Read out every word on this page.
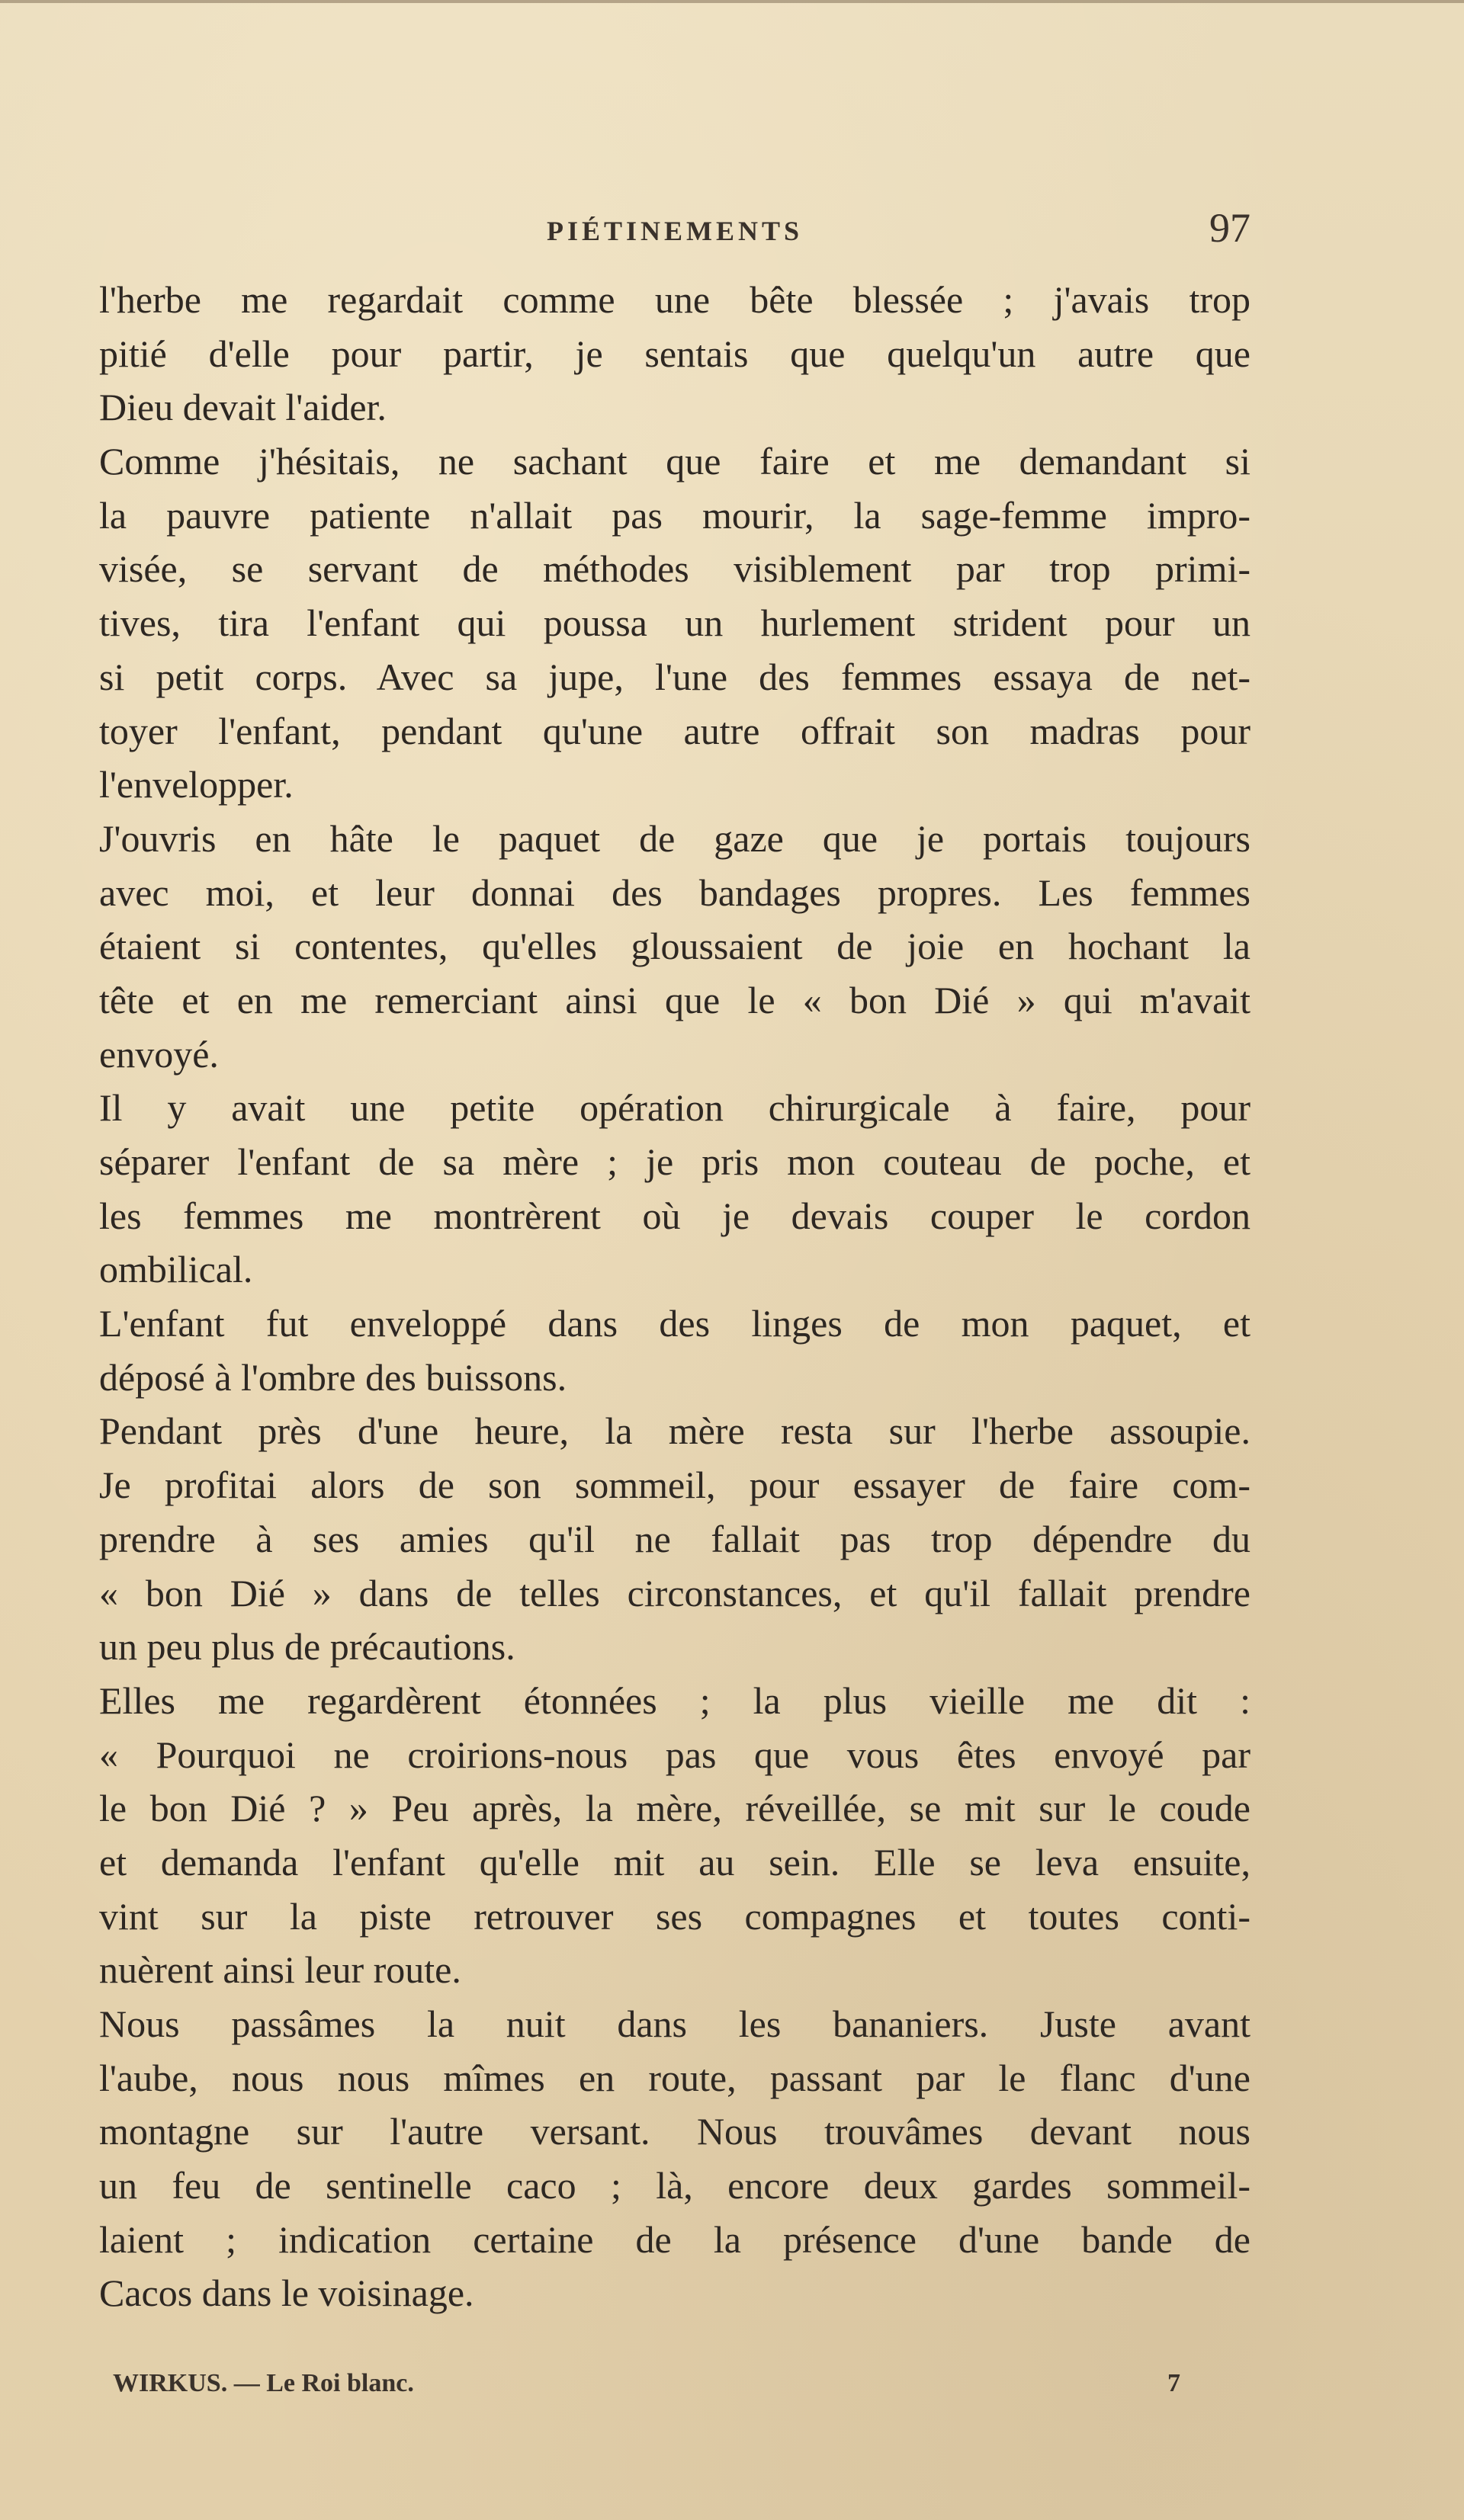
PIÉTINEMENTS	97
l'herbe me regardait comme une bête blessée ; j'avais trop
pitié d'elle pour partir, je sentais que quelqu'un autre que
Dieu devait l'aider.
Comme j'hésitais, ne sachant que faire et me demandant si
la pauvre patiente n'allait pas mourir, la sage-femme impro-
visée, se servant de méthodes visiblement par trop primi-
tives, tira l'enfant qui poussa un hurlement strident pour un
si petit corps. Avec sa jupe, l'une des femmes essaya de net-
toyer l'enfant, pendant qu'une autre offrait son madras pour
l'envelopper.
J'ouvris en hâte le paquet de gaze que je portais toujours
avec moi, et leur donnai des bandages propres. Les femmes
étaient si contentes, qu'elles gloussaient de joie en hochant la
tête et en me remerciant ainsi que le « bon Dié » qui m'avait
envoyé.
Il y avait une petite opération chirurgicale à faire, pour
séparer l'enfant de sa mère ; je pris mon couteau de poche, et
les femmes me montrèrent où je devais couper le cordon
ombilical.
L'enfant fut enveloppé dans des linges de mon paquet, et
déposé à l'ombre des buissons.
Pendant près d'une heure, la mère resta sur l'herbe assoupie.
Je profitai alors de son sommeil, pour essayer de faire com-
prendre à ses amies qu'il ne fallait pas trop dépendre du
« bon Dié » dans de telles circonstances, et qu'il fallait prendre
un peu plus de précautions.
Elles me regardèrent étonnées ; la plus vieille me dit :
« Pourquoi ne croirions-nous pas que vous êtes envoyé par
le bon Dié ? » Peu après, la mère, réveillée, se mit sur le coude
et demanda l'enfant qu'elle mit au sein. Elle se leva ensuite,
vint sur la piste retrouver ses compagnes et toutes conti-
nuèrent ainsi leur route.
Nous passâmes la nuit dans les bananiers. Juste avant
l'aube, nous nous mîmes en route, passant par le flanc d'une
montagne sur l'autre versant. Nous trouvâmes devant nous
un feu de sentinelle caco ; là, encore deux gardes sommeil-
laient ; indication certaine de la présence d'une bande de
Cacos dans le voisinage.
WIRKUS. — Le Roi blanc.	7
